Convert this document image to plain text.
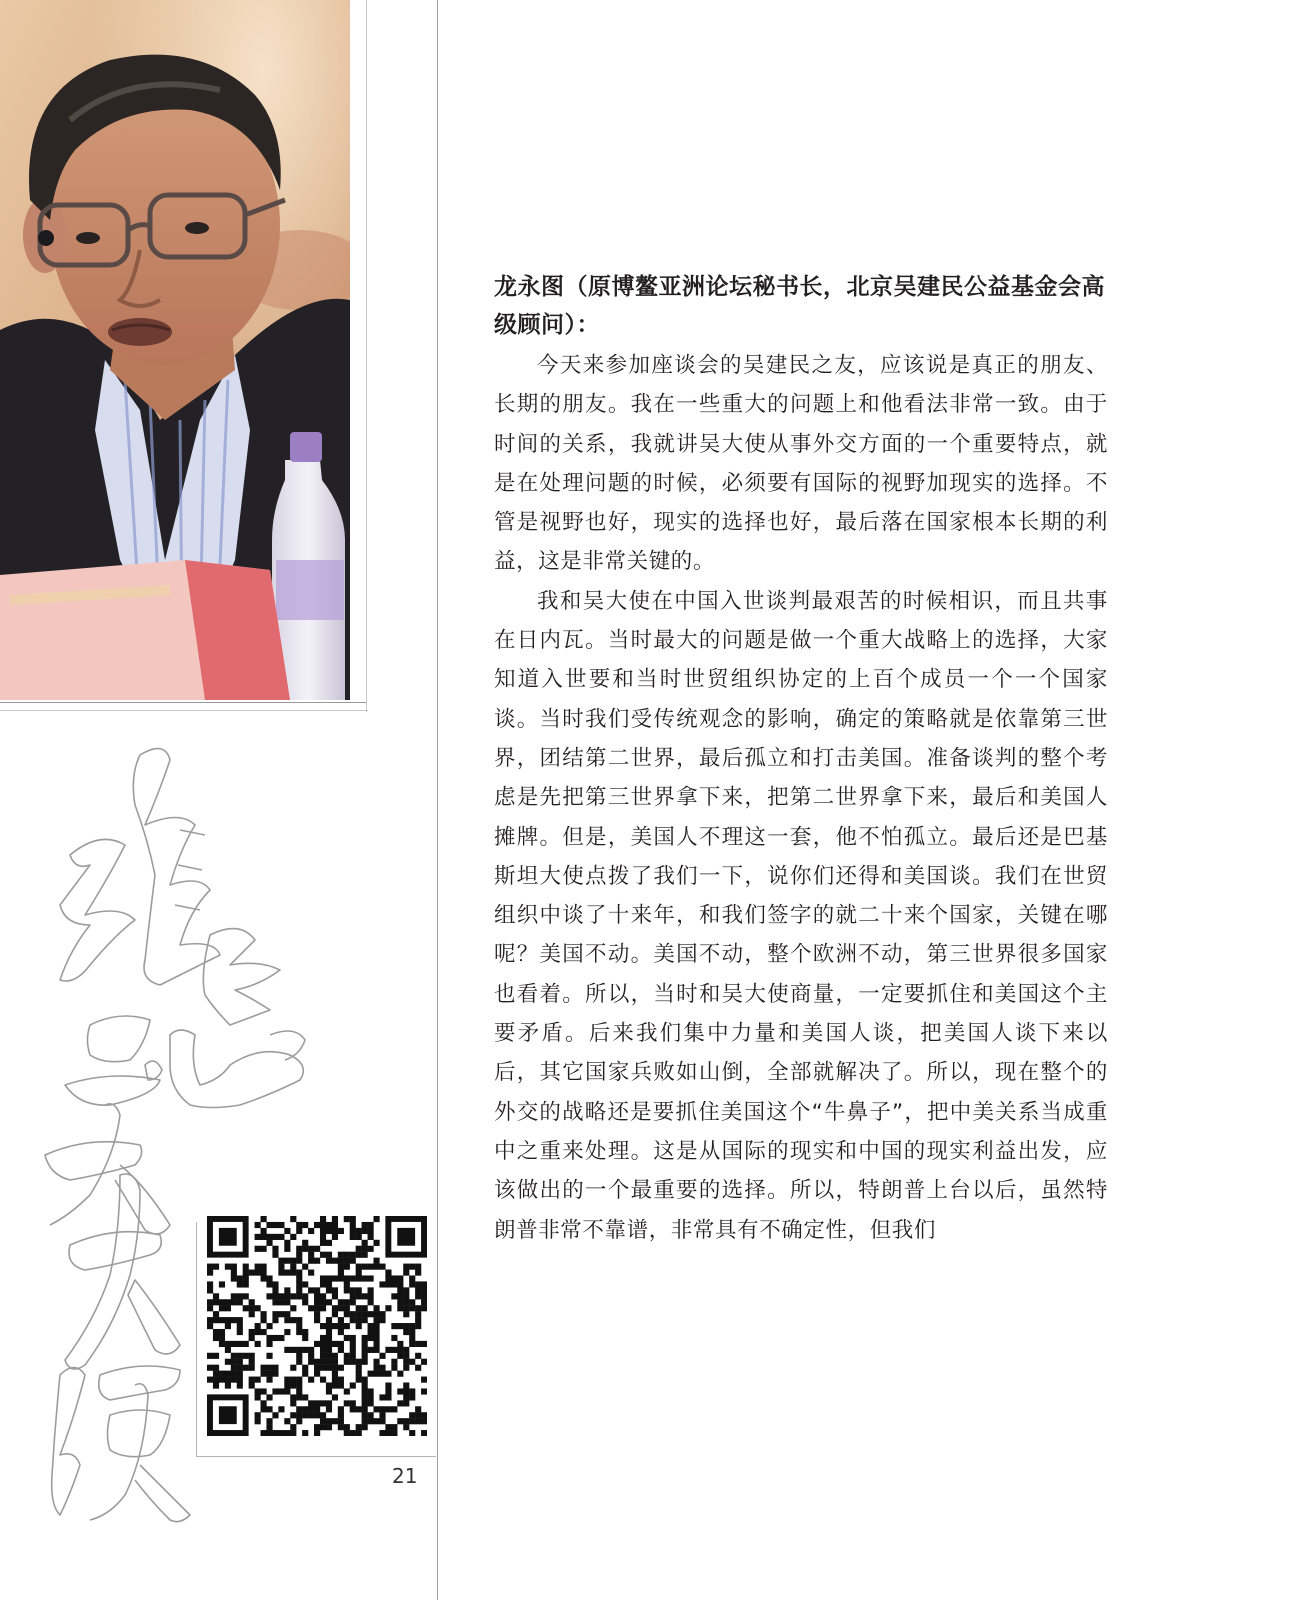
21
龙永图（原博鳌亚洲论坛秘书长，北京吴建民公益基金会高级顾问）：

今天来参加座谈会的吴建民之友，应该说是真正的朋友、长期的朋友。我在一些重大的问题上和他看法非常一致。由于时间的关系，我就讲吴大使从事外交方面的一个重要特点，就是在处理问题的时候，必须要有国际的视野加现实的选择。不管是视野也好，现实的选择也好，最后落在国家根本长期的利益，这是非常关键的。

我和吴大使在中国入世谈判最艰苦的时候相识，而且共事在日内瓦。当时最大的问题是做一个重大战略上的选择，大家知道入世要和当时世贸组织协定的上百个成员一个一个国家谈。当时我们受传统观念的影响，确定的策略就是依靠第三世界，团结第二世界，最后孤立和打击美国。准备谈判的整个考虑是先把第三世界拿下来，把第二世界拿下来，最后和美国人摊牌。但是，美国人不理这一套，他不怕孤立。最后还是巴基斯坦大使点拨了我们一下，说你们还得和美国谈。我们在世贸组织中谈了十来年，和我们签字的就二十来个国家，关键在哪呢？美国不动。美国不动，整个欧洲不动，第三世界很多国家也看着。所以，当时和吴大使商量，一定要抓住和美国这个主要矛盾。后来我们集中力量和美国人谈，把美国人谈下来以后，其它国家兵败如山倒，全部就解决了。所以，现在整个的外交的战略还是要抓住美国这个“牛鼻子”，把中美关系当成重中之重来处理。这是从国际的现实和中国的现实利益出发，应该做出的一个最重要的选择。所以，特朗普上台以后，虽然特朗普非常不靠谱，非常具有不确定性，但我们
